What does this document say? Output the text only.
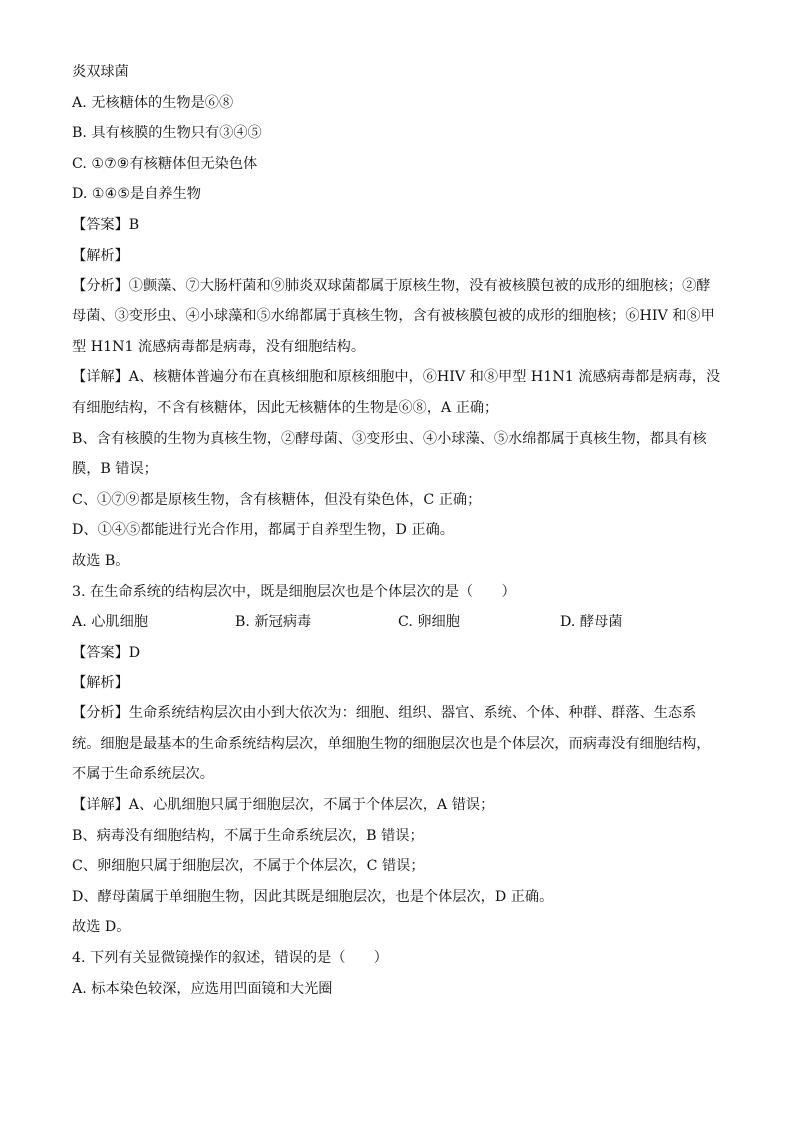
炎双球菌
A. 无核糖体的生物是⑥⑧
B. 具有核膜的生物只有③④⑤
C. ①⑦⑨有核糖体但无染色体
D. ①④⑤是自养生物
【答案】B
【解析】
【分析】①颤藻、⑦大肠杆菌和⑨肺炎双球菌都属于原核生物，没有被核膜包被的成形的细胞核；②酵母菌、③变形虫、④小球藻和⑤水绵都属于真核生物，含有被核膜包被的成形的细胞核；⑥HIV 和⑧甲型 H1N1 流感病毒都是病毒，没有细胞结构。
【详解】A、核糖体普遍分布在真核细胞和原核细胞中，⑥HIV 和⑧甲型 H1N1 流感病毒都是病毒，没有细胞结构，不含有核糖体，因此无核糖体的生物是⑥⑧，A 正确；
B、含有核膜的生物为真核生物，②酵母菌、③变形虫、④小球藻、⑤水绵都属于真核生物，都具有核膜，B 错误；
C、①⑦⑨都是原核生物，含有核糖体，但没有染色体，C 正确；
D、①④⑤都能进行光合作用，都属于自养型生物，D 正确。
故选 B。
3. 在生命系统的结构层次中，既是细胞层次也是个体层次的是（　　）
A. 心肌细胞	B. 新冠病毒	C. 卵细胞	D. 酵母菌
【答案】D
【解析】
【分析】生命系统结构层次由小到大依次为：细胞、组织、器官、系统、个体、种群、群落、生态系统。细胞是最基本的生命系统结构层次，单细胞生物的细胞层次也是个体层次，而病毒没有细胞结构，不属于生命系统层次。
【详解】A、心肌细胞只属于细胞层次，不属于个体层次，A 错误；
B、病毒没有细胞结构，不属于生命系统层次，B 错误；
C、卵细胞只属于细胞层次，不属于个体层次，C 错误；
D、酵母菌属于单细胞生物，因此其既是细胞层次，也是个体层次，D 正确。
故选 D。
4. 下列有关显微镜操作的叙述，错误的是（　　）
A. 标本染色较深，应选用凹面镜和大光圈
